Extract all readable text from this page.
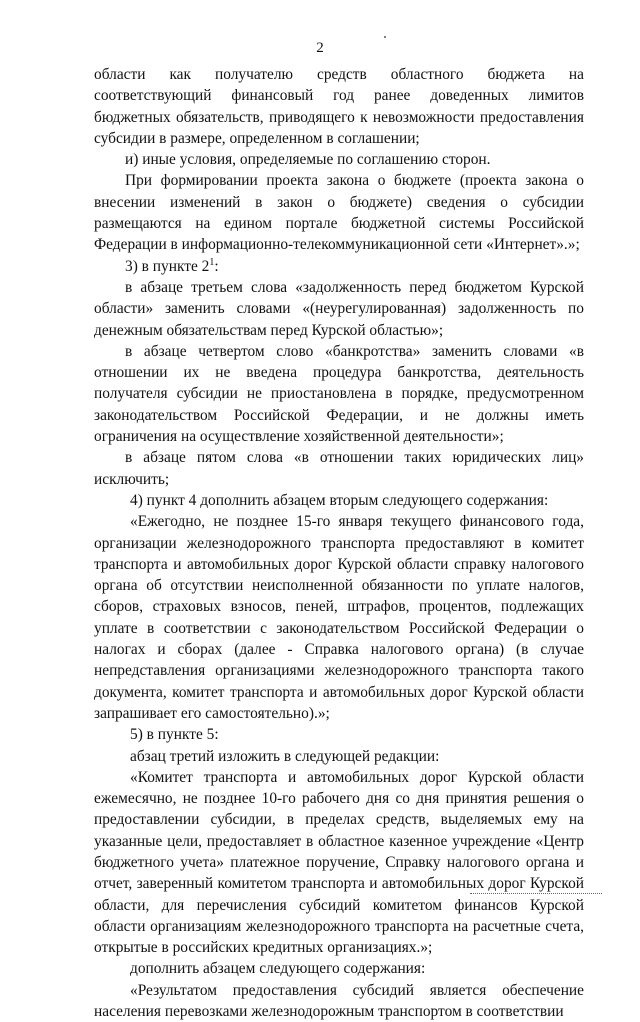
2

области как получателю средств областного бюджета на соответствующий финансовый год ранее доведенных лимитов бюджетных обязательств, приводящего к невозможности предоставления субсидии в размере, определенном в соглашении;

и) иные условия, определяемые по соглашению сторон.

При формировании проекта закона о бюджете (проекта закона о внесении изменений в закон о бюджете) сведения о субсидии размещаются на едином портале бюджетной системы Российской Федерации в информационно-телекоммуникационной сети «Интернет».»;

3) в пункте $2^1$:

в абзаце третьем слова «задолженность перед бюджетом Курской области» заменить словами «(неурегулированная) задолженность по денежным обязательствам перед Курской областью»;

в абзаце четвертом слово «банкротства» заменить словами «в отношении их не введена процедура банкротства, деятельность получателя субсидии не приостановлена в порядке, предусмотренном законодательством Российской Федерации, и не должны иметь ограничения на осуществление хозяйственной деятельности»;

в абзаце пятом слова «в отношении таких юридических лиц» исключить;

4) пункт 4 дополнить абзацем вторым следующего содержания:

«Ежегодно, не позднее 15-го января текущего финансового года, организации железнодорожного транспорта предоставляют в комитет транспорта и автомобильных дорог Курской области справку налогового органа об отсутствии неисполненной обязанности по уплате налогов, сборов, страховых взносов, пеней, штрафов, процентов, подлежащих уплате в соответствии с законодательством Российской Федерации о налогах и сборах (далее - Справка налогового органа) (в случае непредставления организациями железнодорожного транспорта такого документа, комитет транспорта и автомобильных дорог Курской области запрашивает его самостоятельно).»;

5) в пункте 5:

абзац третий изложить в следующей редакции:

«Комитет транспорта и автомобильных дорог Курской области ежемесячно, не позднее 10-го рабочего дня со дня принятия решения о предоставлении субсидии, в пределах средств, выделяемых ему на указанные цели, предоставляет в областное казенное учреждение «Центр бюджетного учета» платежное поручение, Справку налогового органа и отчет, заверенный комитетом транспорта и автомобильных дорог Курской области, для перечисления субсидий комитетом финансов Курской области организациям железнодорожного транспорта на расчетные счета, открытые в российских кредитных организациях.»;

дополнить абзацем следующего содержания:

«Результатом предоставления субсидий является обеспечение населения перевозками железнодорожным транспортом в соответствии
